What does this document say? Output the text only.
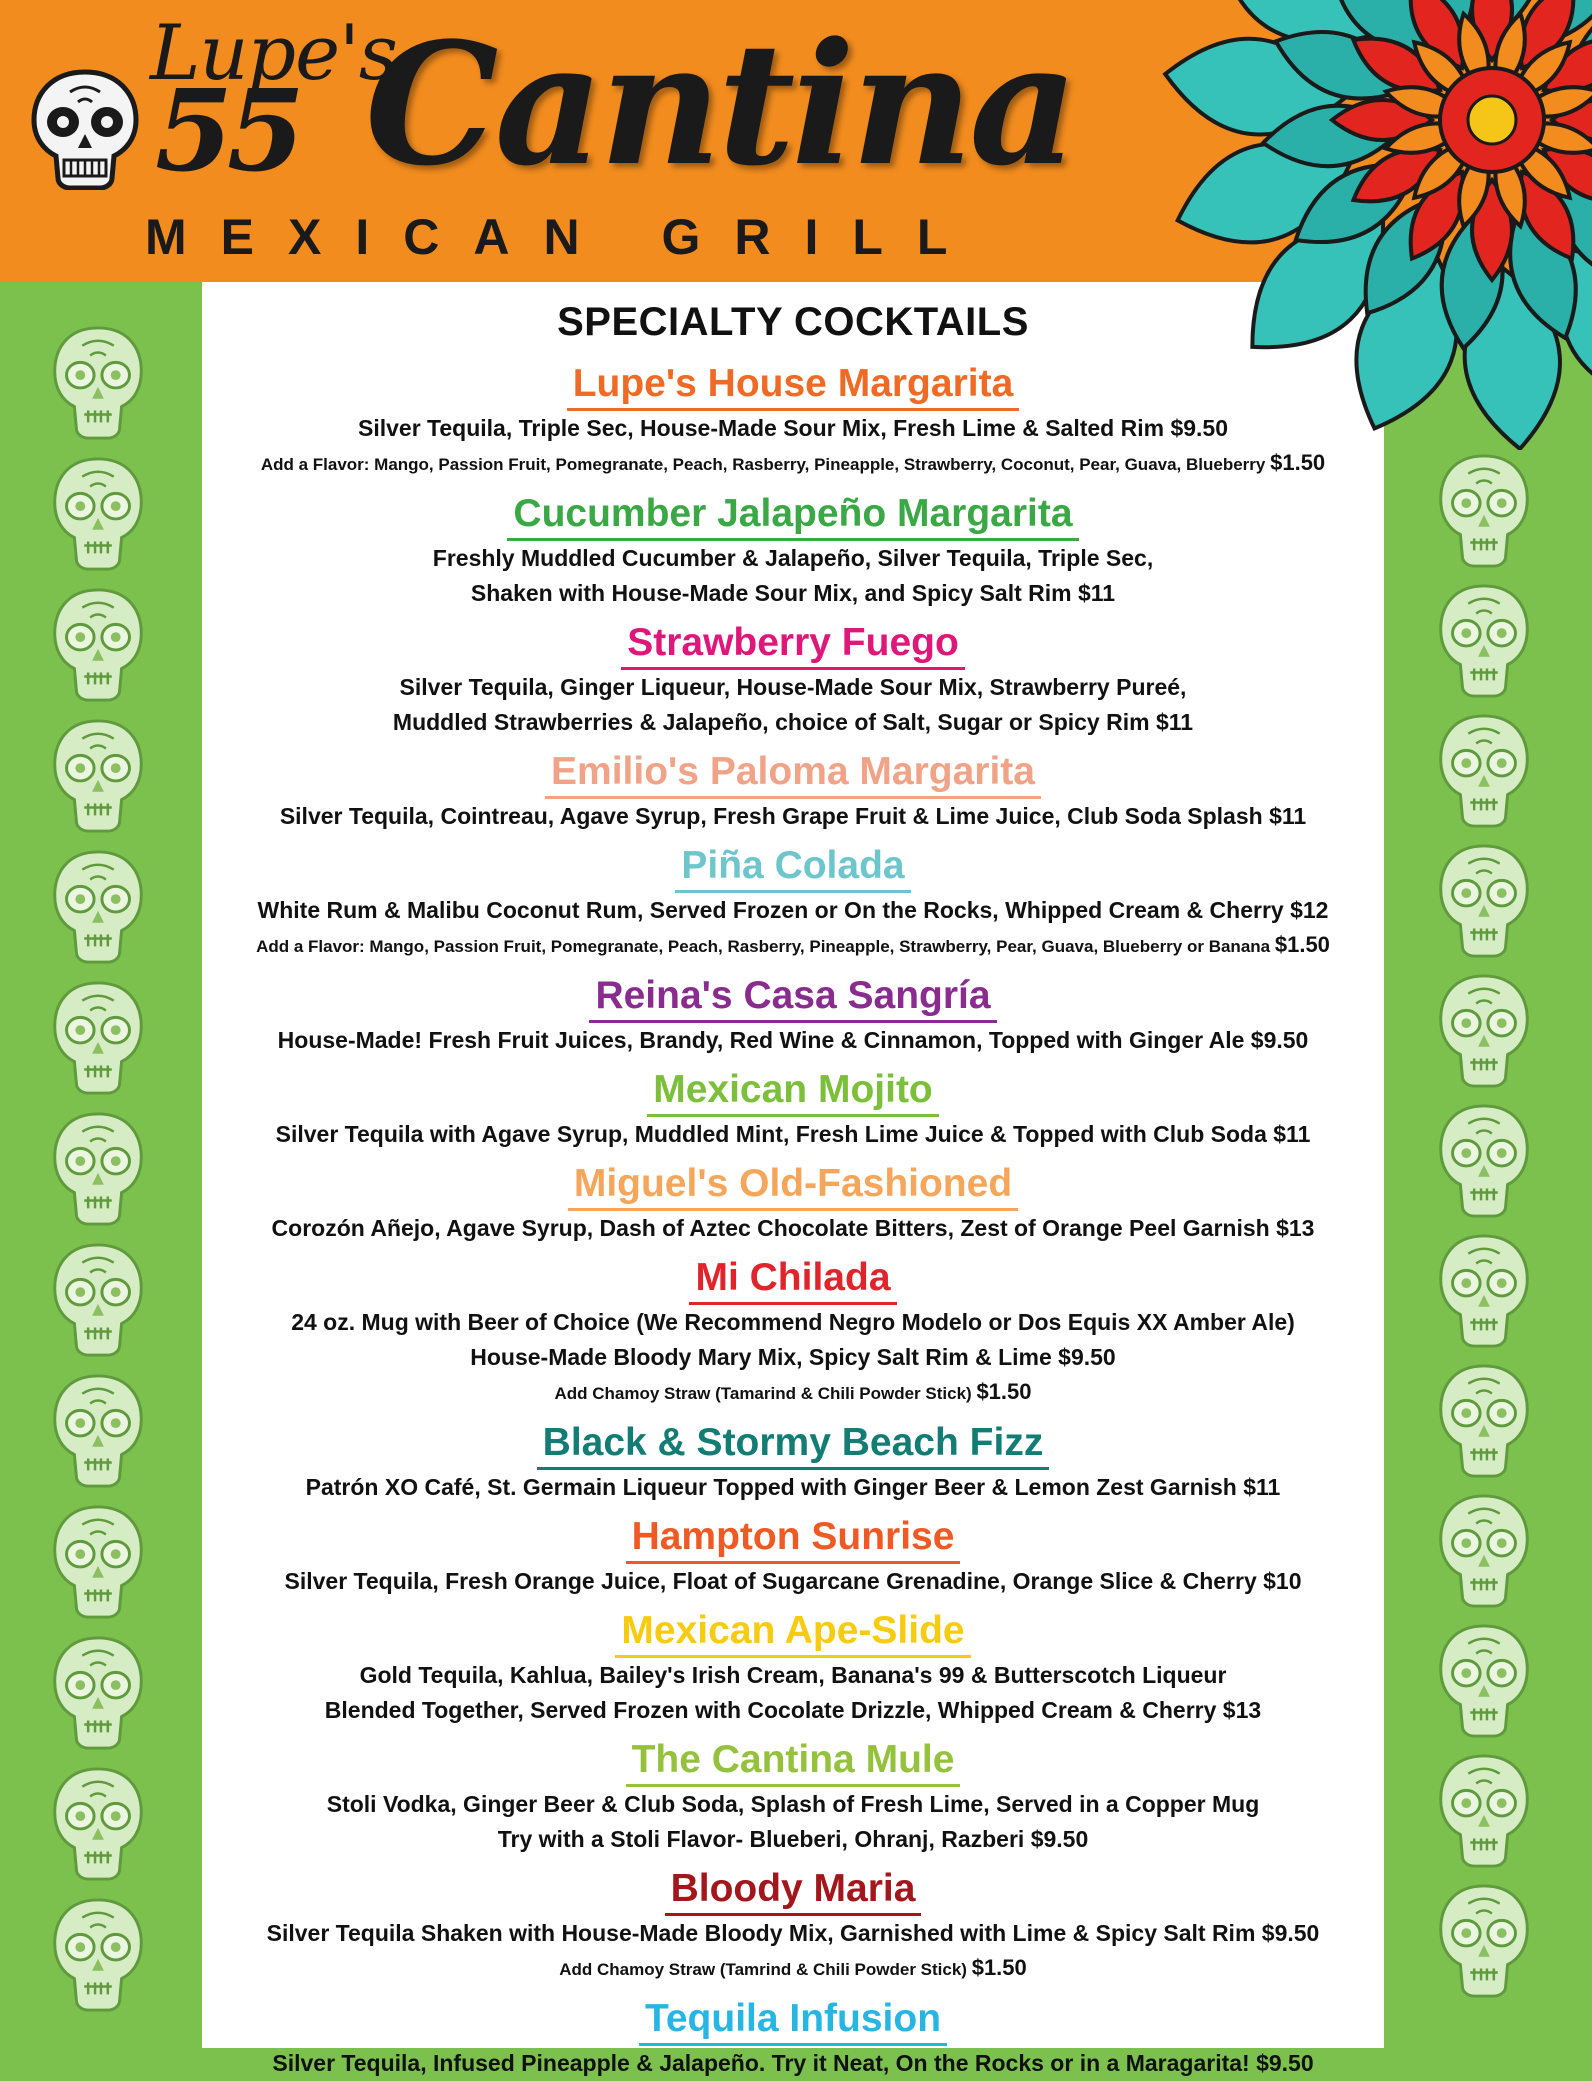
Lupe's
55 Cantina
MEXICAN GRILL
SPECIALTY COCKTAILS
Lupe's House Margarita
Silver Tequila, Triple Sec, House-Made Sour Mix, Fresh Lime & Salted Rim $9.50
Add a Flavor: Mango, Passion Fruit, Pomegranate, Peach, Rasberry, Pineapple, Strawberry, Coconut, Pear, Guava, Blueberry $1.50
Cucumber Jalapeño Margarita
Freshly Muddled Cucumber & Jalapeño, Silver Tequila, Triple Sec,
Shaken with House-Made Sour Mix, and Spicy Salt Rim $11
Strawberry Fuego
Silver Tequila, Ginger Liqueur, House-Made Sour Mix, Strawberry Pureé,
Muddled Strawberries & Jalapeño, choice of Salt, Sugar or Spicy Rim $11
Emilio's Paloma Margarita
Silver Tequila, Cointreau, Agave Syrup, Fresh Grape Fruit & Lime Juice, Club Soda Splash $11
Piña Colada
White Rum & Malibu Coconut Rum, Served Frozen or On the Rocks, Whipped Cream & Cherry $12
Add a Flavor: Mango, Passion Fruit, Pomegranate, Peach, Rasberry, Pineapple, Strawberry, Pear, Guava, Blueberry or Banana $1.50
Reina's Casa Sangría
House-Made! Fresh Fruit Juices, Brandy, Red Wine & Cinnamon, Topped with Ginger Ale $9.50
Mexican Mojito
Silver Tequila with Agave Syrup, Muddled Mint, Fresh Lime Juice & Topped with Club Soda $11
Miguel's Old-Fashioned
Corozón Añejo, Agave Syrup, Dash of Aztec Chocolate Bitters, Zest of Orange Peel Garnish $13
Mi Chilada
24 oz. Mug with Beer of Choice (We Recommend Negro Modelo or Dos Equis XX Amber Ale)
House-Made Bloody Mary Mix, Spicy Salt Rim & Lime $9.50
Add Chamoy Straw (Tamarind & Chili Powder Stick) $1.50
Black & Stormy Beach Fizz
Patrón XO Café, St. Germain Liqueur Topped with Ginger Beer & Lemon Zest Garnish $11
Hampton Sunrise
Silver Tequila, Fresh Orange Juice, Float of Sugarcane Grenadine, Orange Slice & Cherry $10
Mexican Ape-Slide
Gold Tequila, Kahlua, Bailey's Irish Cream, Banana's 99 & Butterscotch Liqueur
Blended Together, Served Frozen with Cocolate Drizzle, Whipped Cream & Cherry $13
The Cantina Mule
Stoli Vodka, Ginger Beer & Club Soda, Splash of Fresh Lime, Served in a Copper Mug
Try with a Stoli Flavor- Blueberi, Ohranj, Razberi $9.50
Bloody Maria
Silver Tequila Shaken with House-Made Bloody Mix, Garnished with Lime & Spicy Salt Rim $9.50
Add Chamoy Straw (Tamrind & Chili Powder Stick) $1.50
Tequila Infusion
Silver Tequila, Infused Pineapple & Jalapeño. Try it Neat, On the Rocks or in a Maragarita! $9.50
